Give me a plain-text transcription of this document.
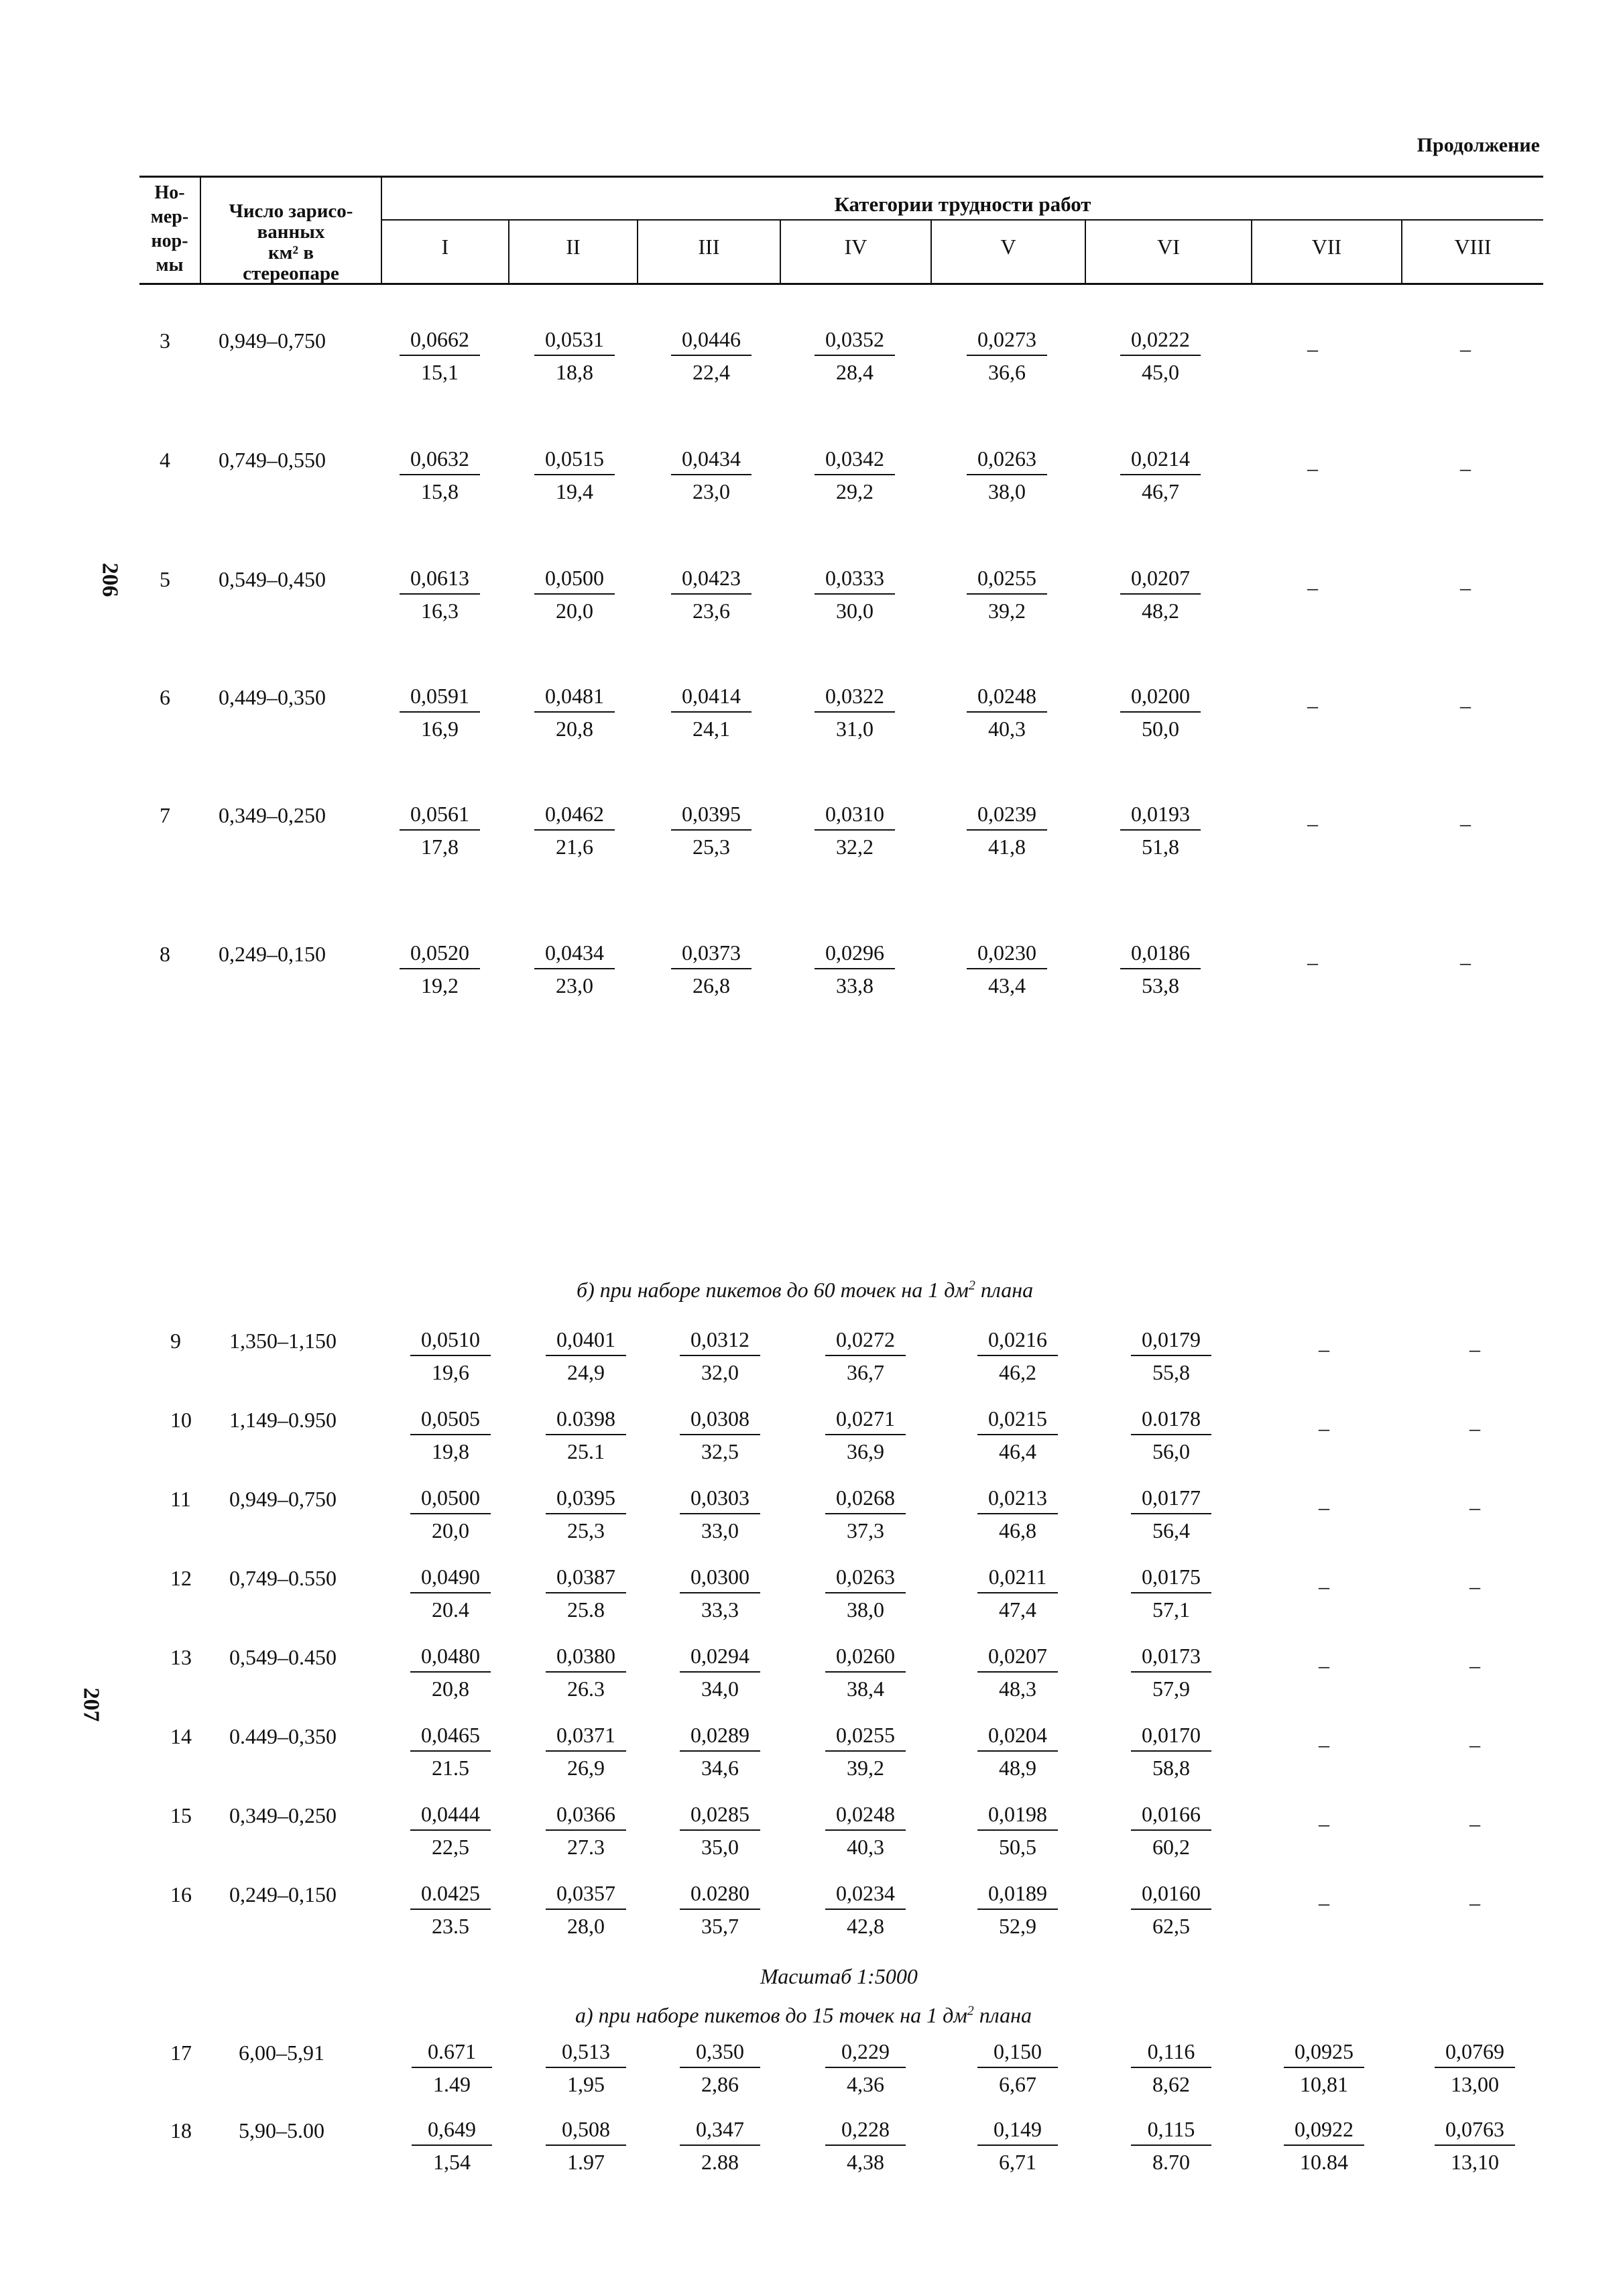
Продолжение
206
207
Но-
мер-
нор-
мы
Число зарисо-
ванных
км² в
стереопаре
Категории трудности работ
I	II	III	IV	V	VI	VII	VIII
3 0,949–0,750	$\frac{0,0662}{15,1}$	$\frac{0,0531}{18,8}$	$\frac{0,0446}{22,4}$	$\frac{0,0352}{28,4}$	$\frac{0,0273}{36,6}$	$\frac{0,0222}{45,0}$	–	–
4 0,749–0,550	$\frac{0,0632}{15,8}$	$\frac{0,0515}{19,4}$	$\frac{0,0434}{23,0}$	$\frac{0,0342}{29,2}$	$\frac{0,0263}{38,0}$	$\frac{0,0214}{46,7}$	–	–
5 0,549–0,450	$\frac{0,0613}{16,3}$	$\frac{0,0500}{20,0}$	$\frac{0,0423}{23,6}$	$\frac{0,0333}{30,0}$	$\frac{0,0255}{39,2}$	$\frac{0,0207}{48,2}$	–	–
6 0,449–0,350	$\frac{0,0591}{16,9}$	$\frac{0,0481}{20,8}$	$\frac{0,0414}{24,1}$	$\frac{0,0322}{31,0}$	$\frac{0,0248}{40,3}$	$\frac{0,0200}{50,0}$	–	–
7 0,349–0,250	$\frac{0,0561}{17,8}$	$\frac{0,0462}{21,6}$	$\frac{0,0395}{25,3}$	$\frac{0,0310}{32,2}$	$\frac{0,0239}{41,8}$	$\frac{0,0193}{51,8}$	–	–
8 0,249–0,150	$\frac{0,0520}{19,2}$	$\frac{0,0434}{23,0}$	$\frac{0,0373}{26,8}$	$\frac{0,0296}{33,8}$	$\frac{0,0230}{43,4}$	$\frac{0,0186}{53,8}$	–	–
9 1,350–1,150	$\frac{0,0510}{19,6}$	$\frac{0,0401}{24,9}$	$\frac{0,0312}{32,0}$	$\frac{0,0272}{36,7}$	$\frac{0,0216}{46,2}$	$\frac{0,0179}{55,8}$	–	–
10 1,149–0.950	$\frac{0,0505}{19,8}$	$\frac{0.0398}{25.1}$	$\frac{0,0308}{32,5}$	$\frac{0,0271}{36,9}$	$\frac{0,0215}{46,4}$	$\frac{0.0178}{56,0}$	–	–
11 0,949–0,750	$\frac{0,0500}{20,0}$	$\frac{0,0395}{25,3}$	$\frac{0,0303}{33,0}$	$\frac{0,0268}{37,3}$	$\frac{0,0213}{46,8}$	$\frac{0,0177}{56,4}$	–	–
12 0,749–0.550	$\frac{0,0490}{20.4}$	$\frac{0,0387}{25.8}$	$\frac{0,0300}{33,3}$	$\frac{0,0263}{38,0}$	$\frac{0,0211}{47,4}$	$\frac{0,0175}{57,1}$	–	–
13 0,549–0.450	$\frac{0,0480}{20,8}$	$\frac{0,0380}{26.3}$	$\frac{0,0294}{34,0}$	$\frac{0,0260}{38,4}$	$\frac{0,0207}{48,3}$	$\frac{0,0173}{57,9}$	–	–
14 0.449–0,350	$\frac{0,0465}{21.5}$	$\frac{0,0371}{26,9}$	$\frac{0,0289}{34,6}$	$\frac{0,0255}{39,2}$	$\frac{0,0204}{48,9}$	$\frac{0,0170}{58,8}$	–	–
15 0,349–0,250	$\frac{0,0444}{22,5}$	$\frac{0,0366}{27.3}$	$\frac{0,0285}{35,0}$	$\frac{0,0248}{40,3}$	$\frac{0,0198}{50,5}$	$\frac{0,0166}{60,2}$	–	–
16 0,249–0,150	$\frac{0.0425}{23.5}$	$\frac{0,0357}{28,0}$	$\frac{0.0280}{35,7}$	$\frac{0,0234}{42,8}$	$\frac{0,0189}{52,9}$	$\frac{0,0160}{62,5}$	–	–
17 6,00–5,91	$\frac{0.671}{1.49}$	$\frac{0,513}{1,95}$	$\frac{0,350}{2,86}$	$\frac{0,229}{4,36}$	$\frac{0,150}{6,67}$	$\frac{0,116}{8,62}$	$\frac{0,0925}{10,81}$	$\frac{0,0769}{13,00}$
18 5,90–5.00	$\frac{0,649}{1,54}$	$\frac{0,508}{1.97}$	$\frac{0,347}{2.88}$	$\frac{0,228}{4,38}$	$\frac{0,149}{6,71}$	$\frac{0,115}{8.70}$	$\frac{0,0922}{10.84}$	$\frac{0,0763}{13,10}$
б) при наборе пикетов до 60 точек на 1 $дм^2$ плана
Масштаб 1:5000
а) при наборе пикетов до 15 точек на 1 $дм^2$ плана
